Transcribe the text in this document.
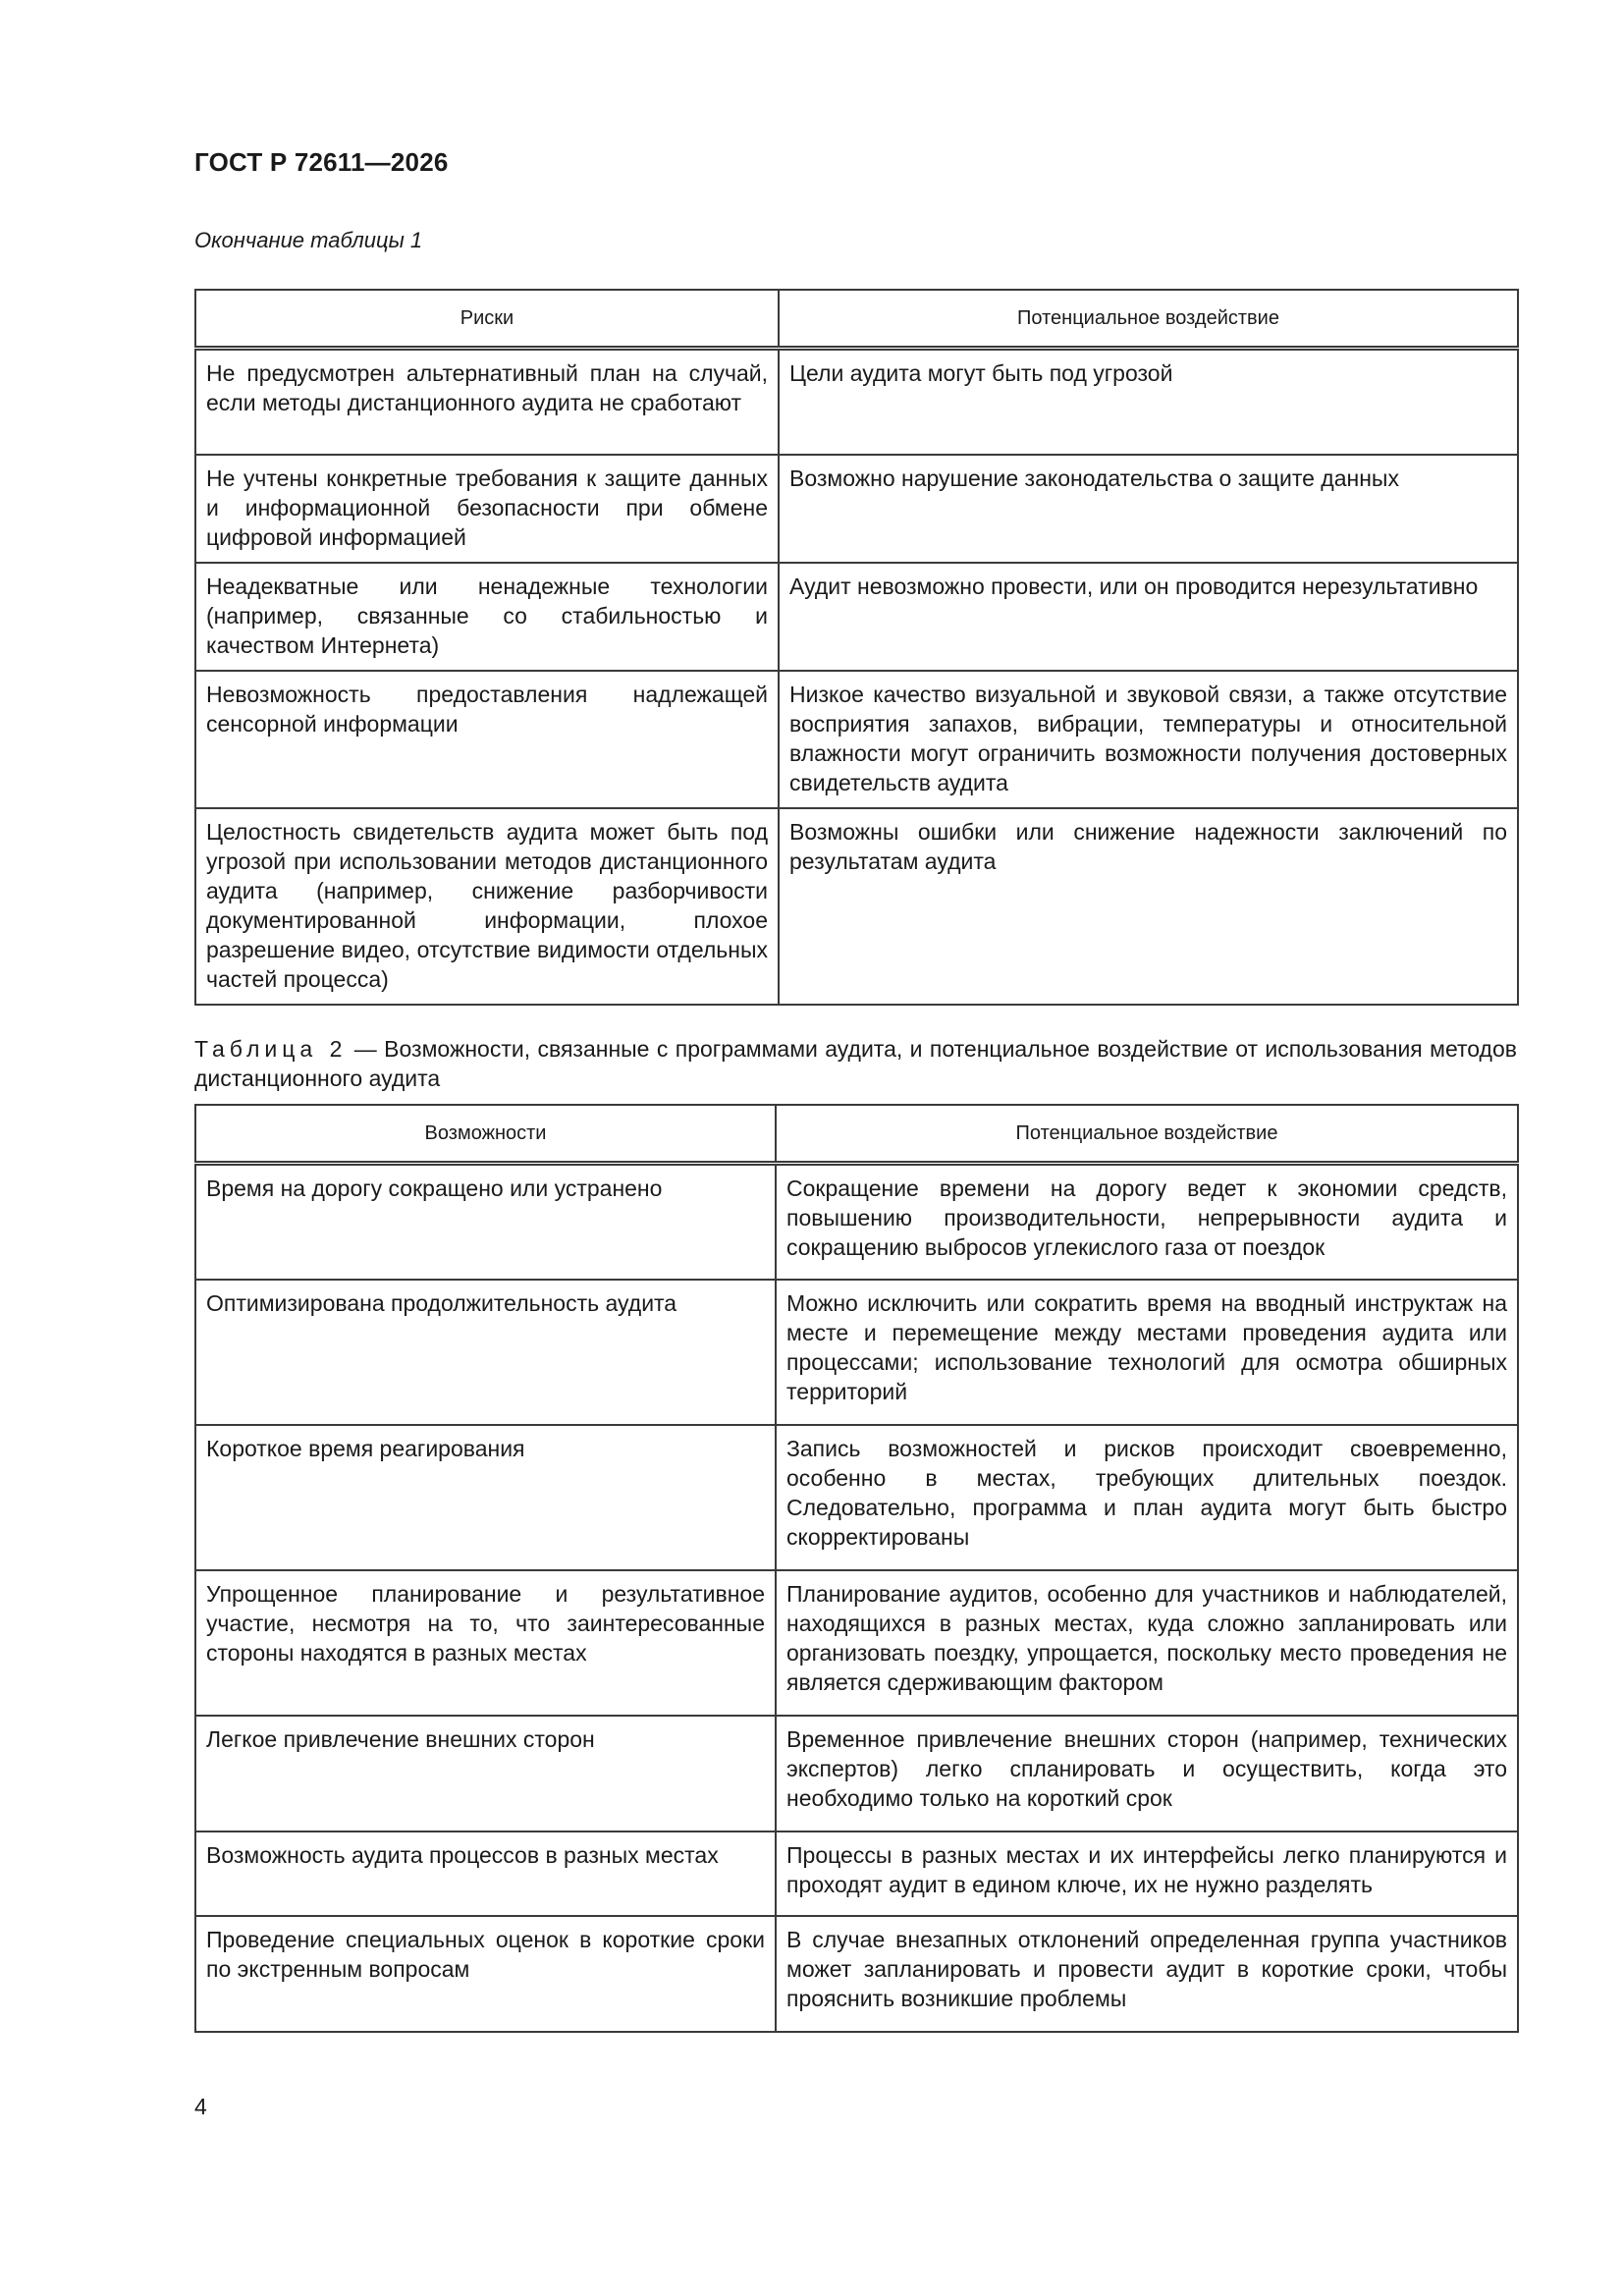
ГОСТ Р 72611—2026
Окончание таблицы 1
Риски	Потенциальное воздействие
Не предусмотрен альтернативный план на случай, если методы дистанционного аудита не сработают	Цели аудита могут быть под угрозой
Не учтены конкретные требования к защите данных и информационной безопасности при обмене цифровой информацией	Возможно нарушение законодательства о защите данных
Неадекватные или ненадежные технологии (например, связанные со стабильностью и качеством Интернета)	Аудит невозможно провести, или он проводится нерезультативно
Невозможность предоставления надлежащей сенсорной информации	Низкое качество визуальной и звуковой связи, а также отсутствие восприятия запахов, вибрации, температуры и относительной влажности могут ограничить возможности получения достоверных свидетельств аудита
Целостность свидетельств аудита может быть под угрозой при использовании методов дистанционного аудита (например, снижение разборчивости документированной информации, плохое разрешение видео, отсутствие видимости отдельных частей процесса)	Возможны ошибки или снижение надежности заключений по результатам аудита
Таблица 2 — Возможности, связанные с программами аудита, и потенциальное воздействие от использования методов дистанционного аудита
Возможности	Потенциальное воздействие
Время на дорогу сокращено или устранено	Сокращение времени на дорогу ведет к экономии средств, повышению производительности, непрерывности аудита и сокращению выбросов углекислого газа от поездок
Оптимизирована продолжительность аудита	Можно исключить или сократить время на вводный инструктаж на месте и перемещение между местами проведения аудита или процессами; использование технологий для осмотра обширных территорий
Короткое время реагирования	Запись возможностей и рисков происходит своевременно, особенно в местах, требующих длительных поездок. Следовательно, программа и план аудита могут быть быстро скорректированы
Упрощенное планирование и результативное участие, несмотря на то, что заинтересованные стороны находятся в разных местах	Планирование аудитов, особенно для участников и наблюдателей, находящихся в разных местах, куда сложно запланировать или организовать поездку, упрощается, поскольку место проведения не является сдерживающим фактором
Легкое привлечение внешних сторон	Временное привлечение внешних сторон (например, технических экспертов) легко спланировать и осуществить, когда это необходимо только на короткий срок
Возможность аудита процессов в разных местах	Процессы в разных местах и их интерфейсы легко планируются и проходят аудит в едином ключе, их не нужно разделять
Проведение специальных оценок в короткие сроки по экстренным вопросам	В случае внезапных отклонений определенная группа участников может запланировать и провести аудит в короткие сроки, чтобы прояснить возникшие проблемы
4
